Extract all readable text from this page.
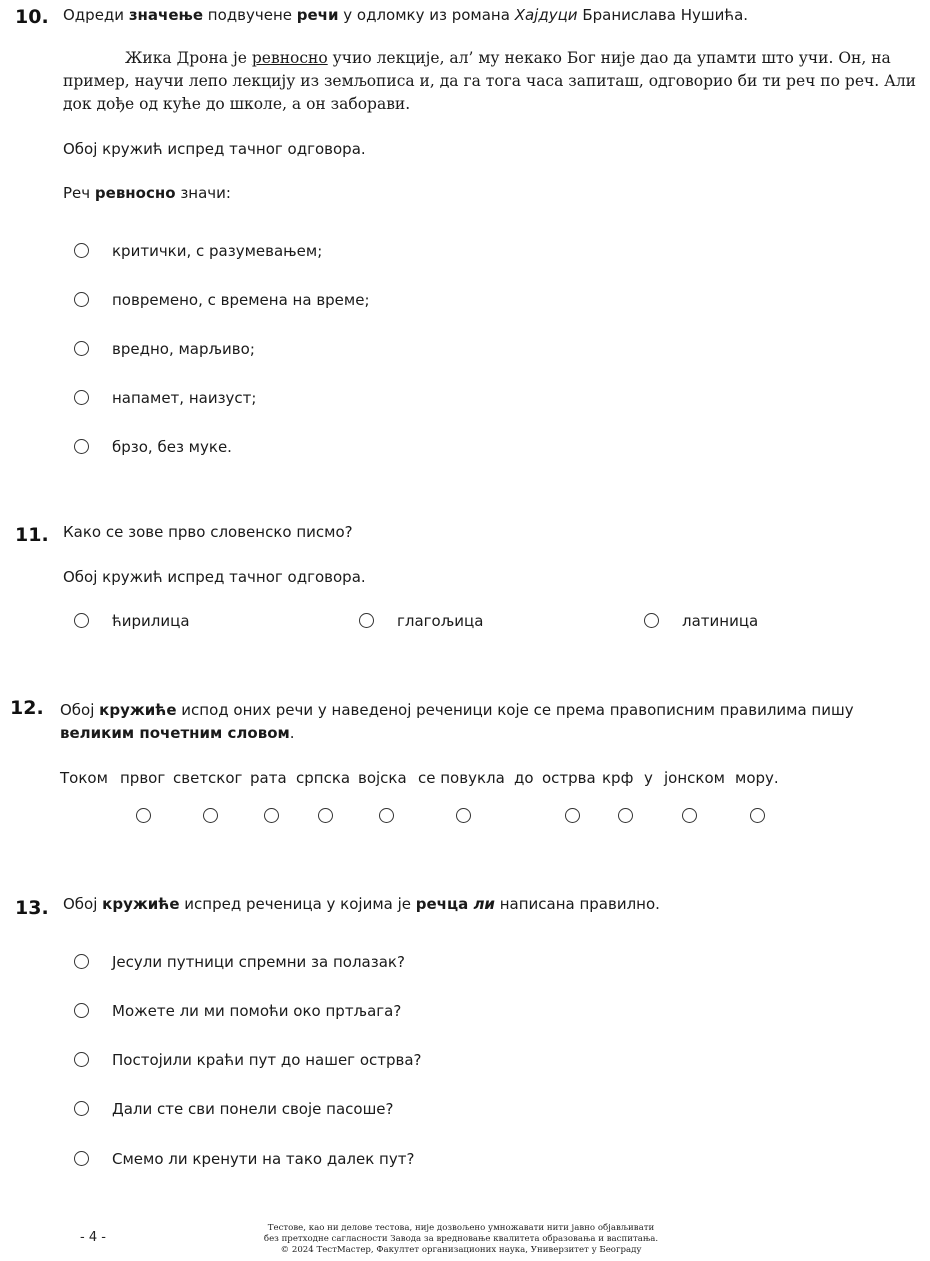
10. Одреди значење подвучене речи у одломку из романа Хајдуци Бранислава Нушића.
Жика Дрона је ревносно учио лекције, ал’ му некако Бог није дао да упамти што учи. Он, на
пример, научи лепо лекцију из земљописа и, да га тога часа запиташ, одговорио би ти реч по реч. Али
док дође од куће до школе, а он заборави.
Обој кружић испред тачног одговора.
Реч ревносно значи:
критички, с разумевањем;
повремено, с времена на време;
вредно, марљиво;
напамет, наизуст;
брзо, без муке.
11. Како се зове прво словенско писмо?
Обој кружић испред тачног одговора.
ћирилица	глагољица	латиница
12. Обој кружиће испод оних речи у наведеној реченици које се према правописним правилима пишу
великим почетним словом.
Током првог светског рата српска војска се повукла до острва крф у јонском мору.
13. Обој кружиће испред реченица у којима је речца ли написана правилно.
Јесули путници спремни за полазак?
Можете ли ми помоћи око пртљага?
Постојили краћи пут до нашег острва?
Дали сте сви понели своје пасоше?
Смемо ли кренути на тако далек пут?
- 4 -
Тестове, као ни делове тестова, није дозвољено умножавати нити јавно објављивати
без претходне сагласности Завода за вредновање квалитета образовања и васпитања.
© 2024 ТестМастер, Факултет организационих наука, Универзитет у Београду
